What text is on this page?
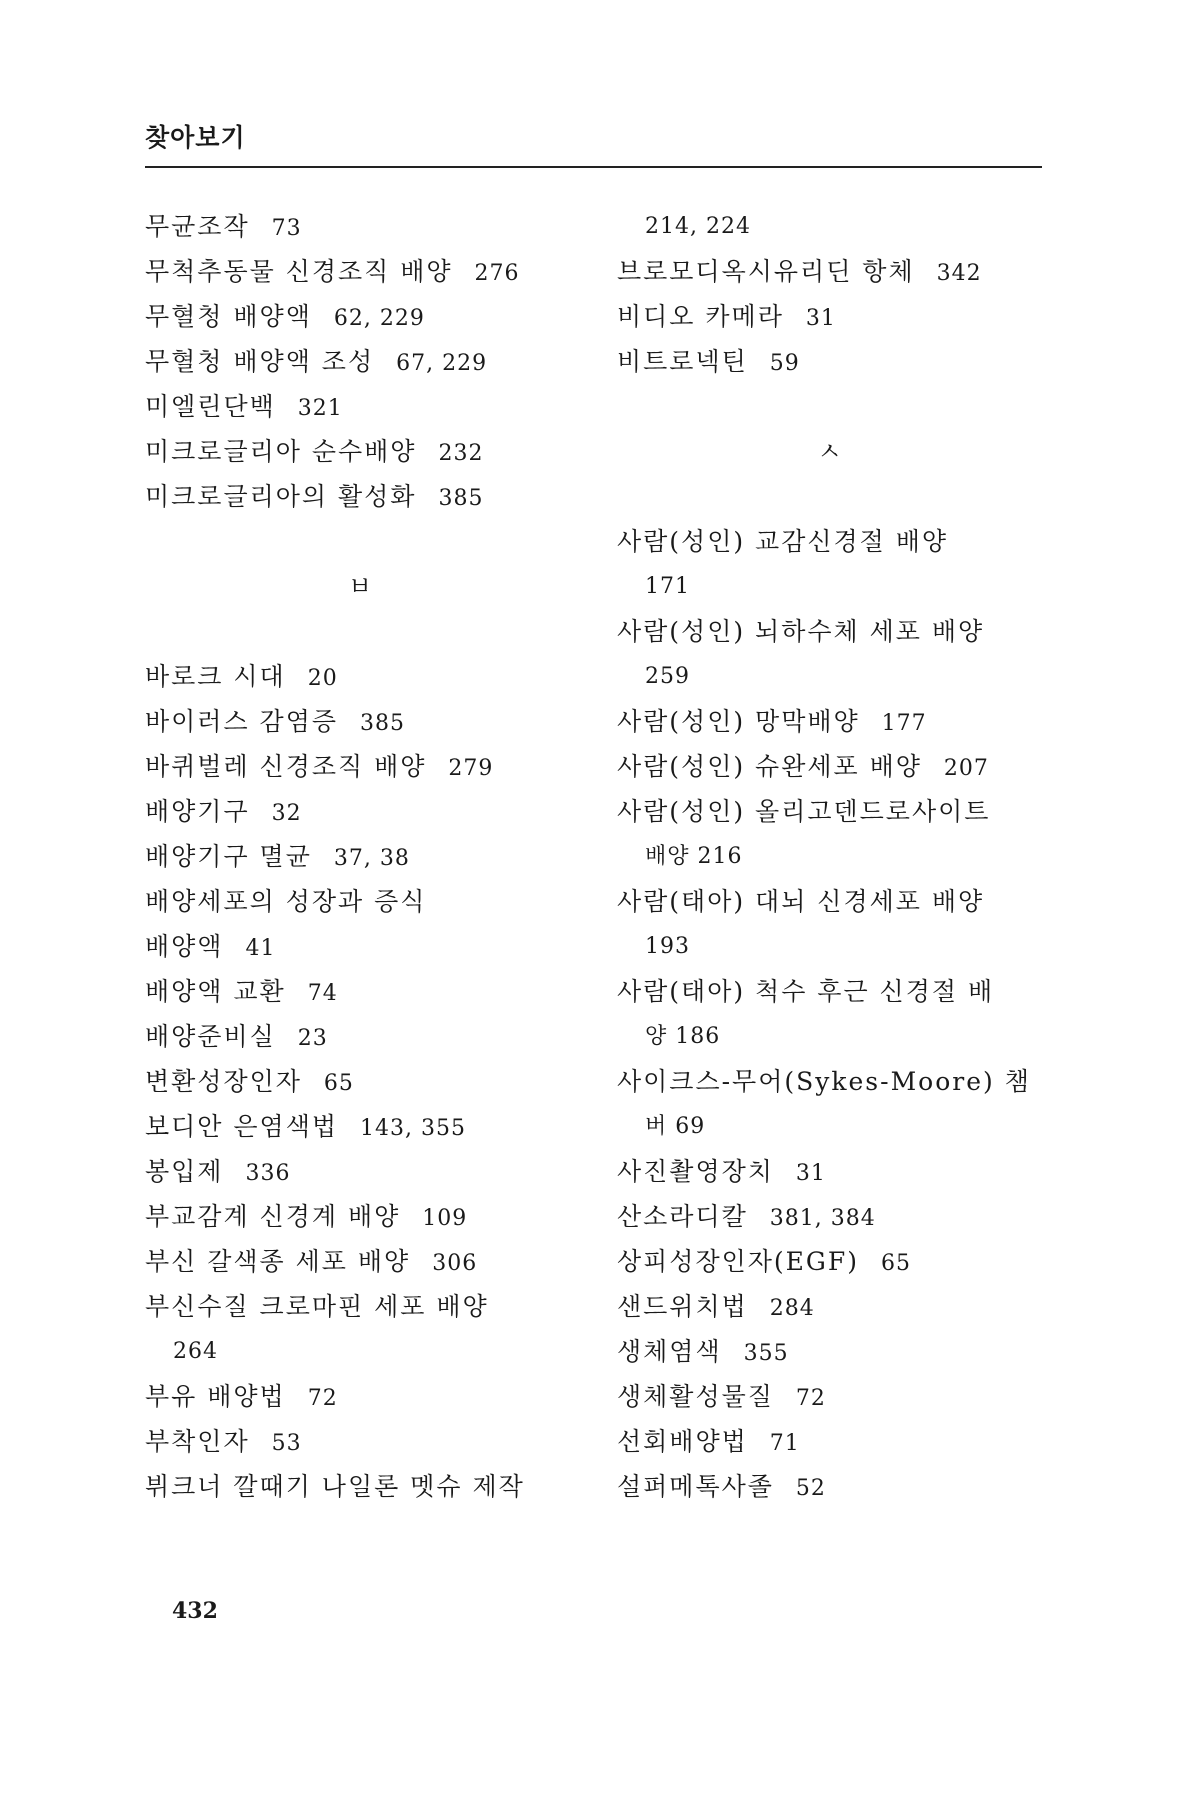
찾아보기
무균조작 73
무척추동물 신경조직 배양 276
무혈청 배양액 62, 229
무혈청 배양액 조성 67, 229
미엘린단백 321
미크로글리아 순수배양 232
미크로글리아의 활성화 385
ㅂ
바로크 시대 20
바이러스 감염증 385
바퀴벌레 신경조직 배양 279
배양기구 32
배양기구 멸균 37, 38
배양세포의 성장과 증식
배양액 41
배양액 교환 74
배양준비실 23
변환성장인자 65
보디안 은염색법 143, 355
봉입제 336
부교감계 신경계 배양 109
부신 갈색종 세포 배양 306
부신수질 크로마핀 세포 배양
264
부유 배양법 72
부착인자 53
뷔크너 깔때기 나일론 멧슈 제작
214, 224
브로모디옥시유리딘 항체 342
비디오 카메라 31
비트로넥틴 59
ㅅ
사람(성인) 교감신경절 배양
171
사람(성인) 뇌하수체 세포 배양
259
사람(성인) 망막배양 177
사람(성인) 슈완세포 배양 207
사람(성인) 올리고덴드로사이트
배양 216
사람(태아) 대뇌 신경세포 배양
193
사람(태아) 척수 후근 신경절 배
양 186
사이크스-무어(Sykes-Moore) 챔
버 69
사진촬영장치 31
산소라디칼 381, 384
상피성장인자(EGF) 65
샌드위치법 284
생체염색 355
생체활성물질 72
선회배양법 71
설퍼메톡사졸 52
432
